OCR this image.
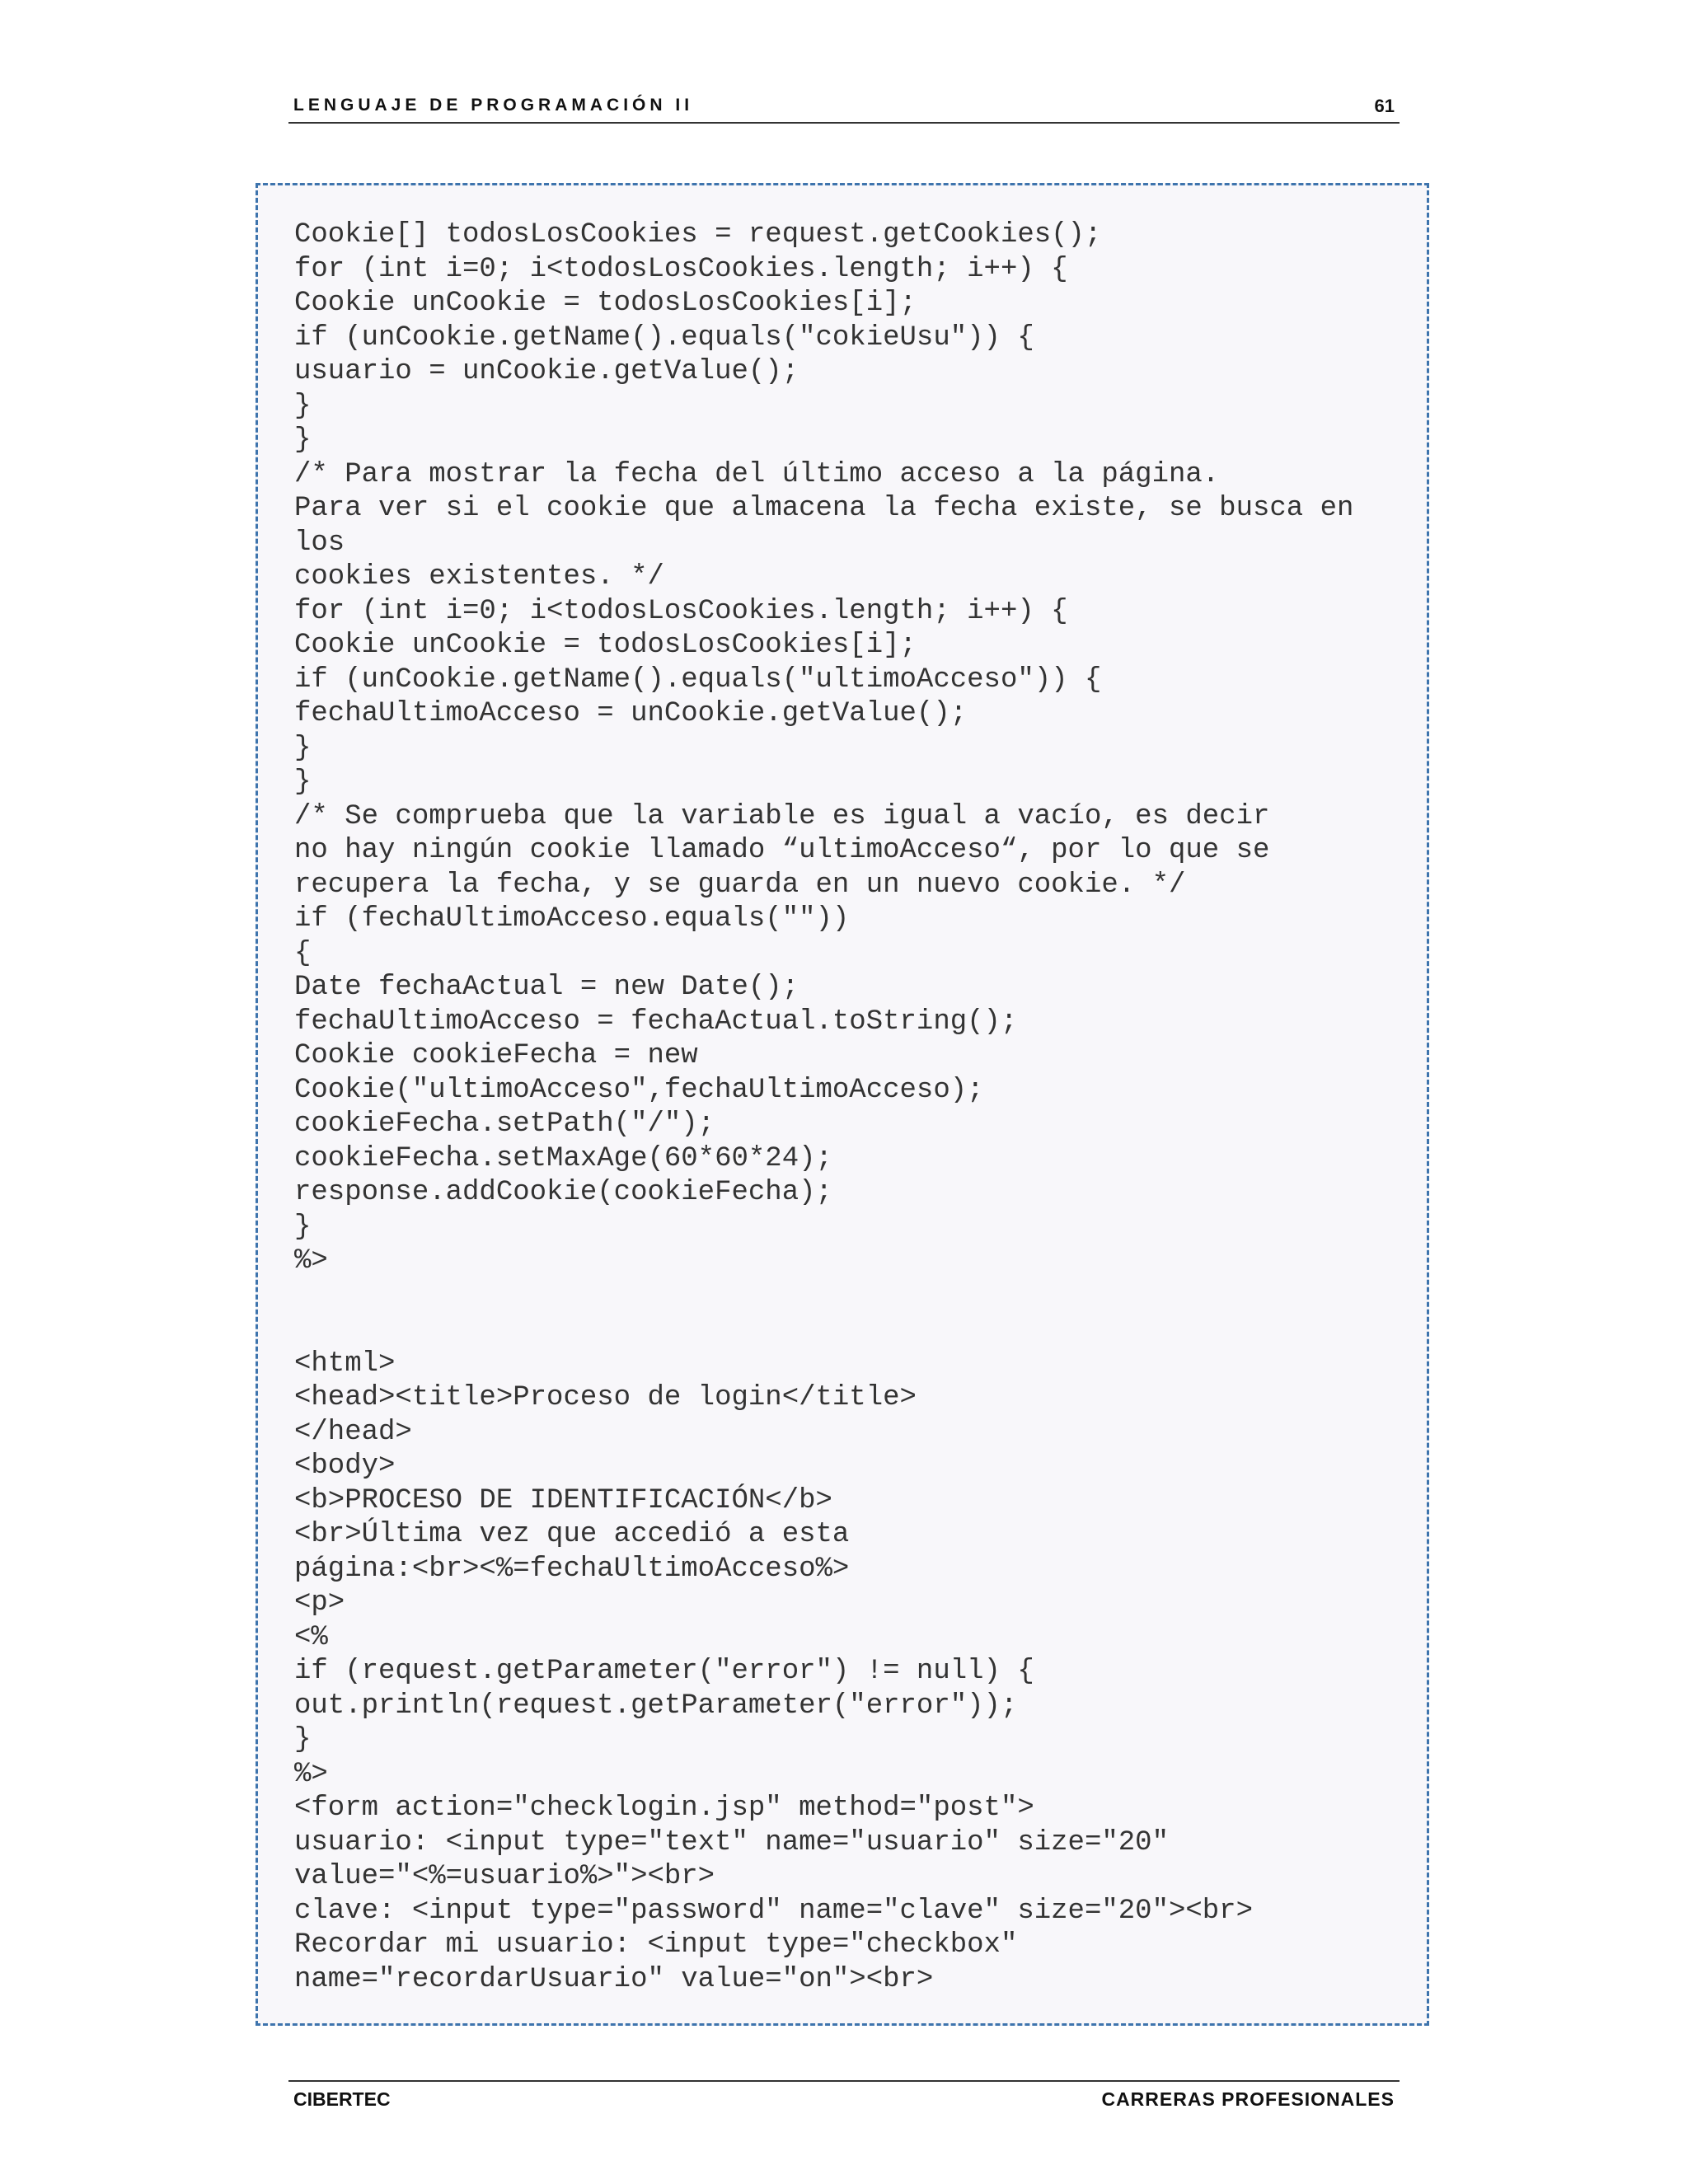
LENGUAJE DE PROGRAMACIÓN II	61
Cookie[] todosLosCookies = request.getCookies();
for (int i=0; i<todosLosCookies.length; i++) {
Cookie unCookie = todosLosCookies[i];
if (unCookie.getName().equals("cokieUsu")) {
usuario = unCookie.getValue();
}
}
/* Para mostrar la fecha del último acceso a la página.
Para ver si el cookie que almacena la fecha existe, se busca en
los
cookies existentes. */
for (int i=0; i<todosLosCookies.length; i++) {
Cookie unCookie = todosLosCookies[i];
if (unCookie.getName().equals("ultimoAcceso")) {
fechaUltimoAcceso = unCookie.getValue();
}
}
/* Se comprueba que la variable es igual a vacío, es decir
no hay ningún cookie llamado “ultimoAcceso“, por lo que se
recupera la fecha, y se guarda en un nuevo cookie. */
if (fechaUltimoAcceso.equals(""))
{
Date fechaActual = new Date();
fechaUltimoAcceso = fechaActual.toString();
Cookie cookieFecha = new
Cookie("ultimoAcceso",fechaUltimoAcceso);
cookieFecha.setPath("/");
cookieFecha.setMaxAge(60*60*24);
response.addCookie(cookieFecha);
}
%>

<html>
<head><title>Proceso de login</title>
</head>
<body>
<b>PROCESO DE IDENTIFICACIÓN</b>
<br>Última vez que accedió a esta
página:<br><%=fechaUltimoAcceso%>
<p>
<%
if (request.getParameter("error") != null) {
out.println(request.getParameter("error"));
}
%>
<form action="checklogin.jsp" method="post">
usuario: <input type="text" name="usuario" size="20"
value="<%=usuario%>"><br>
clave: <input type="password" name="clave" size="20"><br>
Recordar mi usuario: <input type="checkbox"
name="recordarUsuario" value="on"><br>

CIBERTEC	CARRERAS PROFESIONALES
